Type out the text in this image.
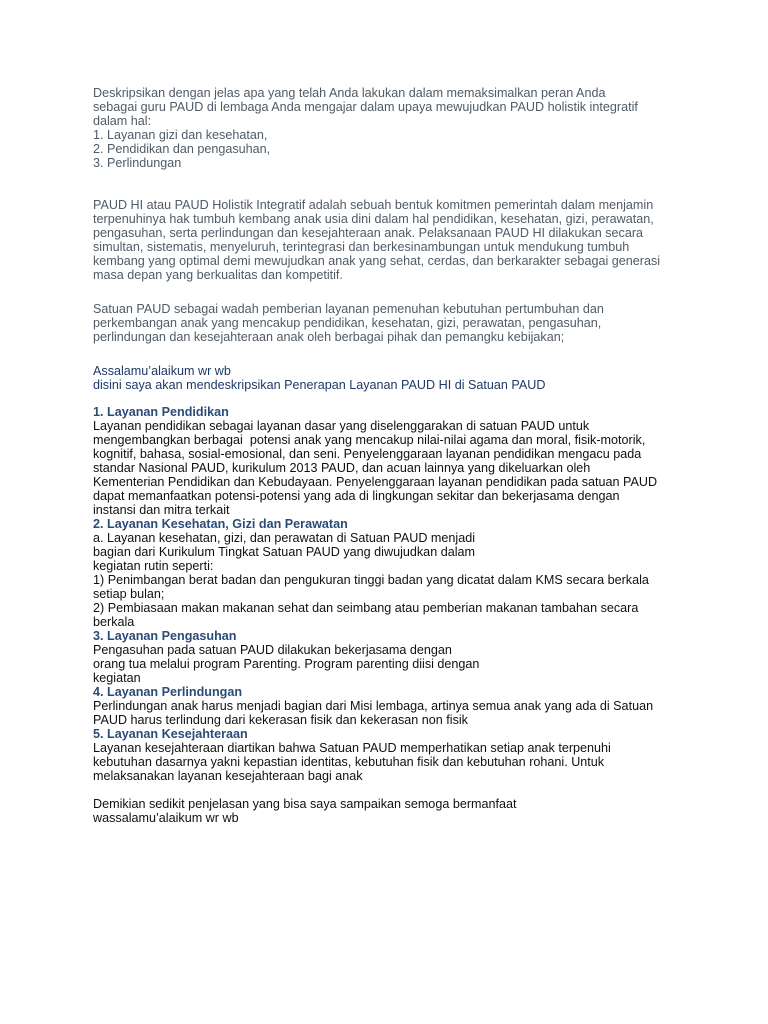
Deskripsikan dengan jelas apa yang telah Anda lakukan dalam memaksimalkan peran Anda
sebagai guru PAUD di lembaga Anda mengajar dalam upaya mewujudkan PAUD holistik integratif
dalam hal:
1. Layanan gizi dan kesehatan,
2. Pendidikan dan pengasuhan,
3. Perlindungan
PAUD HI atau PAUD Holistik Integratif adalah sebuah bentuk komitmen pemerintah dalam menjamin
terpenuhinya hak tumbuh kembang anak usia dini dalam hal pendidikan, kesehatan, gizi, perawatan,
pengasuhan, serta perlindungan dan kesejahteraan anak. Pelaksanaan PAUD HI dilakukan secara
simultan, sistematis, menyeluruh, terintegrasi dan berkesinambungan untuk mendukung tumbuh
kembang yang optimal demi mewujudkan anak yang sehat, cerdas, dan berkarakter sebagai generasi
masa depan yang berkualitas dan kompetitif.
Satuan PAUD sebagai wadah pemberian layanan pemenuhan kebutuhan pertumbuhan dan
perkembangan anak yang mencakup pendidikan, kesehatan, gizi, perawatan, pengasuhan,
perlindungan dan kesejahteraan anak oleh berbagai pihak dan pemangku kebijakan;
Assalamu’alaikum wr wb
disini saya akan mendeskripsikan Penerapan Layanan PAUD HI di Satuan PAUD
1. Layanan Pendidikan
Layanan pendidikan sebagai layanan dasar yang diselenggarakan di satuan PAUD untuk
mengembangkan berbagai  potensi anak yang mencakup nilai-nilai agama dan moral, fisik-motorik,
kognitif, bahasa, sosial-emosional, dan seni. Penyelenggaraan layanan pendidikan mengacu pada
standar Nasional PAUD, kurikulum 2013 PAUD, dan acuan lainnya yang dikeluarkan oleh
Kementerian Pendidikan dan Kebudayaan. Penyelenggaraan layanan pendidikan pada satuan PAUD
dapat memanfaatkan potensi-potensi yang ada di lingkungan sekitar dan bekerjasama dengan
instansi dan mitra terkait
2. Layanan Kesehatan, Gizi dan Perawatan
a. Layanan kesehatan, gizi, dan perawatan di Satuan PAUD menjadi
bagian dari Kurikulum Tingkat Satuan PAUD yang diwujudkan dalam
kegiatan rutin seperti:
1) Penimbangan berat badan dan pengukuran tinggi badan yang dicatat dalam KMS secara berkala
setiap bulan;
2) Pembiasaan makan makanan sehat dan seimbang atau pemberian makanan tambahan secara
berkala
3. Layanan Pengasuhan
Pengasuhan pada satuan PAUD dilakukan bekerjasama dengan
orang tua melalui program Parenting. Program parenting diisi dengan
kegiatan
4. Layanan Perlindungan
Perlindungan anak harus menjadi bagian dari Misi lembaga, artinya semua anak yang ada di Satuan
PAUD harus terlindung dari kekerasan fisik dan kekerasan non fisik
5. Layanan Kesejahteraan
Layanan kesejahteraan diartikan bahwa Satuan PAUD memperhatikan setiap anak terpenuhi
kebutuhan dasarnya yakni kepastian identitas, kebutuhan fisik dan kebutuhan rohani. Untuk
melaksanakan layanan kesejahteraan bagi anak
Demikian sedikit penjelasan yang bisa saya sampaikan semoga bermanfaat
wassalamu’alaikum wr wb
